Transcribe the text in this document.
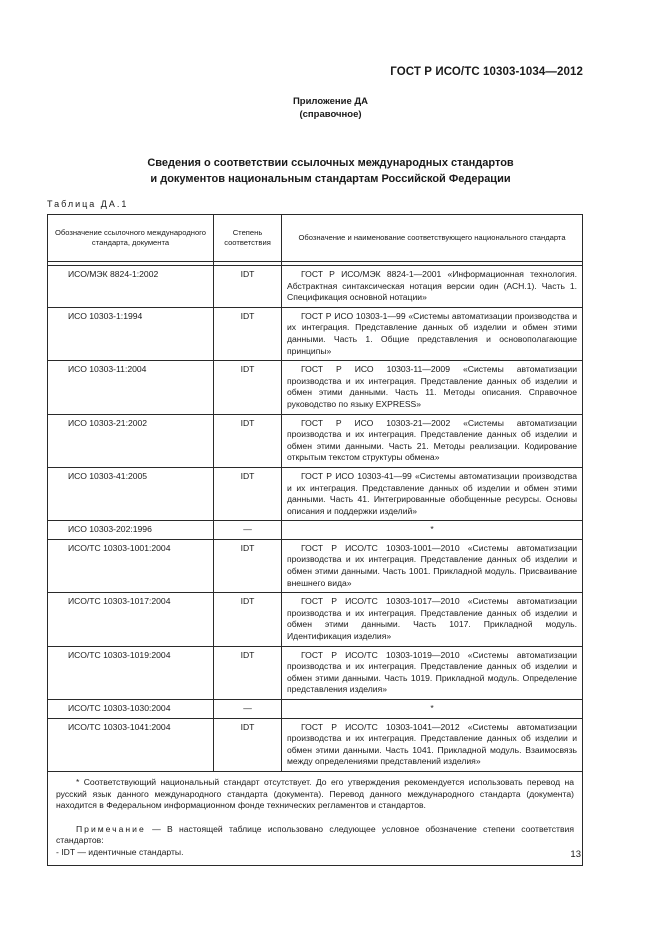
ГОСТ Р ИСО/ТС 10303-1034—2012
Приложение ДА
(справочное)
Сведения о соответствии ссылочных международных стандартов
и документов национальным стандартам Российской Федерации
Таблица ДА.1
Обозначение ссылочного международного стандарта, документа	Степень соответствия	Обозначение и наименование соответствующего национального стандарта

ИСО/МЭК 8824-1:2002	IDT	ГОСТ Р ИСО/МЭК 8824-1—2001 «Информационная технология. Абстрактная синтаксическая нотация версии один (АСН.1). Часть 1. Спецификация основной нотации»
ИСО 10303-1:1994	IDT	ГОСТ Р ИСО 10303-1—99 «Системы автоматизации производства и их интеграция. Представление данных об изделии и обмен этими данными. Часть 1. Общие представления и основополагающие принципы»
ИСО 10303-11:2004	IDT	ГОСТ Р ИСО 10303-11—2009 «Системы автоматизации производства и их интеграция. Представление данных об изделии и обмен этими данными. Часть 11. Методы описания. Справочное руководство по языку EXPRESS»
ИСО 10303-21:2002	IDT	ГОСТ Р ИСО 10303-21—2002 «Системы автоматизации производства и их интеграция. Представление данных об изделии и обмен этими данными. Часть 21. Методы реализации. Кодирование открытым текстом структуры обмена»
ИСО 10303-41:2005	IDT	ГОСТ Р ИСО 10303-41—99 «Системы автоматизации производства и их интеграция. Представление данных об изделии и обмен этими данными. Часть 41. Интегрированные обобщенные ресурсы. Основы описания и поддержки изделий»
ИСО 10303-202:1996	—	*
ИСО/ТС 10303-1001:2004	IDT	ГОСТ Р ИСО/ТС 10303-1001—2010 «Системы автоматизации производства и их интеграция. Представление данных об изделии и обмен этими данными. Часть 1001. Прикладной модуль. Присваивание внешнего вида»
ИСО/ТС 10303-1017:2004	IDT	ГОСТ Р ИСО/ТС 10303-1017—2010 «Системы автоматизации производства и их интеграция. Представление данных об изделии и обмен этими данными. Часть 1017. Прикладной модуль. Идентификация изделия»
ИСО/ТС 10303-1019:2004	IDT	ГОСТ Р ИСО/ТС 10303-1019—2010 «Системы автоматизации производства и их интеграция. Представление данных об изделии и обмен этими данными. Часть 1019. Прикладной модуль. Определение представления изделия»
ИСО/ТС 10303-1030:2004	—	*
ИСО/ТС 10303-1041:2004	IDT	ГОСТ Р ИСО/ТС 10303-1041—2012 «Системы автоматизации производства и их интеграция. Представление данных об изделии и обмен этими данными. Часть 1041. Прикладной модуль. Взаимосвязь между определениями представлений изделия»

* Соответствующий национальный стандарт отсутствует. До его утверждения рекомендуется использовать перевод на русский язык данного международного стандарта (документа). Перевод данного международного стандарта (документа) находится в Федеральном информационном фонде технических регламентов и стандартов.

Примечание — В настоящей таблице использовано следующее условное обозначение степени соответствия стандартов:

- IDT — идентичные стандарты.			13
